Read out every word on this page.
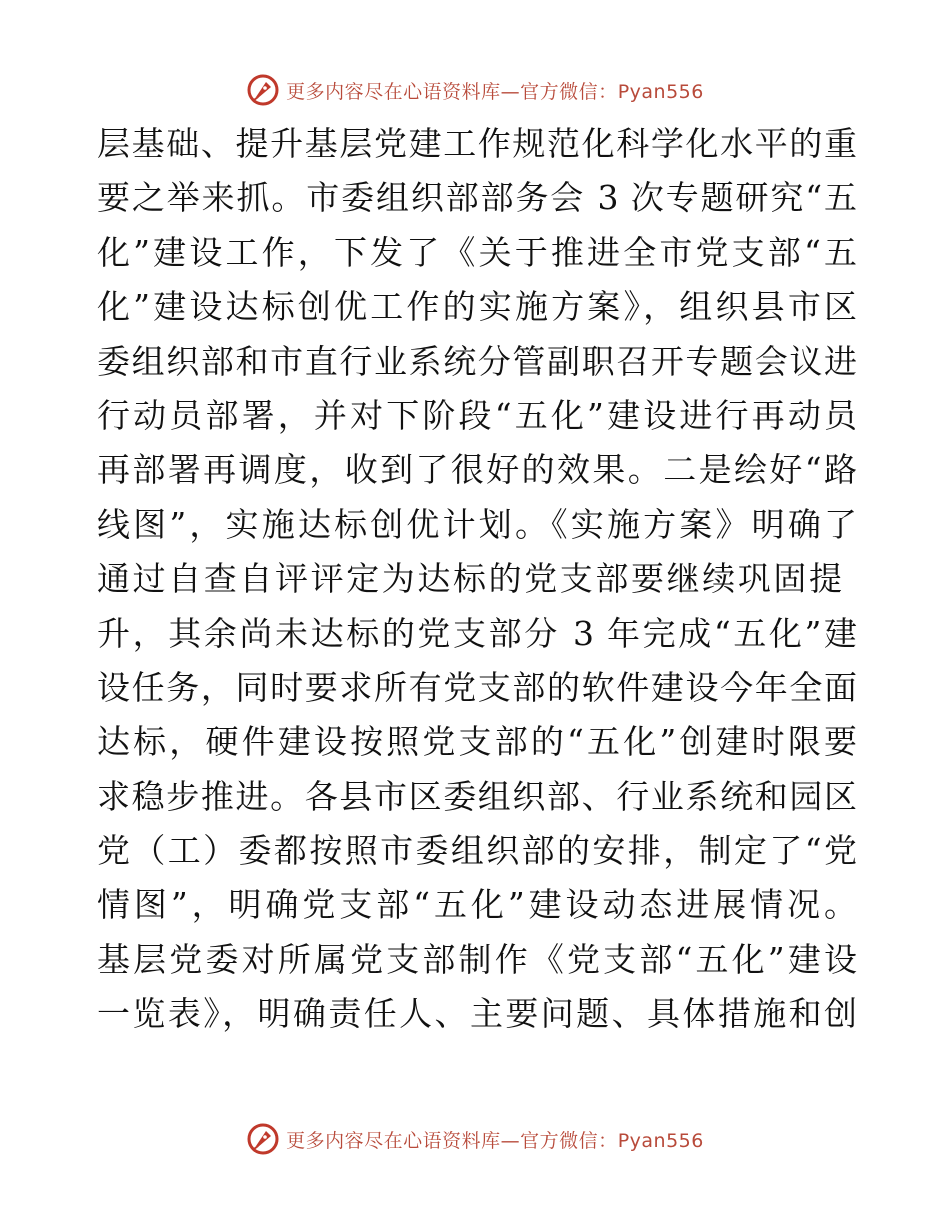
更多内容尽在心语资料库—官方微信：Pyan556
层基础、提升基层党建工作规范化科学化水平的重
要之举来抓。市委组织部部务会 3 次专题研究“五
化”建设工作，下发了《关于推进全市党支部“五
化”建设达标创优工作的实施方案》，组织县市区
委组织部和市直行业系统分管副职召开专题会议进
行动员部署，并对下阶段“五化”建设进行再动员
再部署再调度，收到了很好的效果。二是绘好“路
线图”，实施达标创优计划。《实施方案》明确了
通过自查自评评定为达标的党支部要继续巩固提
升，其余尚未达标的党支部分 3 年完成“五化”建
设任务，同时要求所有党支部的软件建设今年全面
达标，硬件建设按照党支部的“五化”创建时限要
求稳步推进。各县市区委组织部、行业系统和园区
党（工）委都按照市委组织部的安排，制定了“党
情图”，明确党支部“五化”建设动态进展情况。
基层党委对所属党支部制作《党支部“五化”建设
一览表》，明确责任人、主要问题、具体措施和创
更多内容尽在心语资料库—官方微信：Pyan556
